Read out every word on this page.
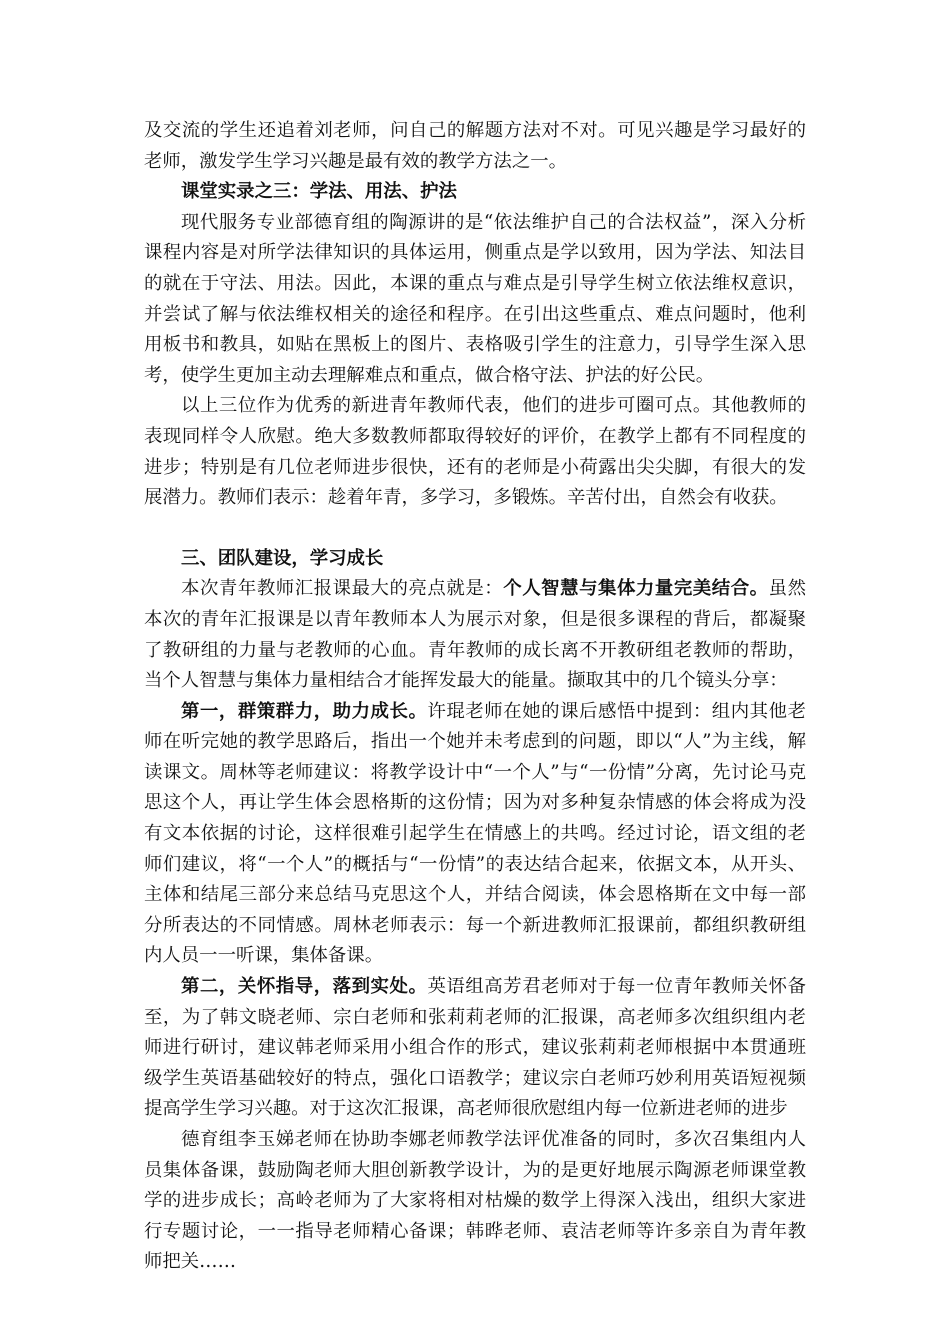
及交流的学生还追着刘老师，问自己的解题方法对不对。可见兴趣是学习最好的老师，激发学生学习兴趣是最有效的教学方法之一。

课堂实录之三：学法、用法、护法

现代服务专业部德育组的陶源讲的是“依法维护自己的合法权益”，深入分析课程内容是对所学法律知识的具体运用，侧重点是学以致用，因为学法、知法目的就在于守法、用法。因此，本课的重点与难点是引导学生树立依法维权意识，并尝试了解与依法维权相关的途径和程序。在引出这些重点、难点问题时，他利用板书和教具，如贴在黑板上的图片、表格吸引学生的注意力，引导学生深入思考，使学生更加主动去理解难点和重点，做合格守法、护法的好公民。

以上三位作为优秀的新进青年教师代表，他们的进步可圈可点。其他教师的表现同样令人欣慰。绝大多数教师都取得较好的评价，在教学上都有不同程度的进步；特别是有几位老师进步很快，还有的老师是小荷露出尖尖脚，有很大的发展潜力。教师们表示：趁着年青，多学习，多锻炼。辛苦付出，自然会有收获。

三、团队建设，学习成长

本次青年教师汇报课最大的亮点就是：个人智慧与集体力量完美结合。虽然本次的青年汇报课是以青年教师本人为展示对象，但是很多课程的背后，都凝聚了教研组的力量与老教师的心血。青年教师的成长离不开教研组老教师的帮助，当个人智慧与集体力量相结合才能挥发最大的能量。撷取其中的几个镜头分享：

第一，群策群力，助力成长。许琨老师在她的课后感悟中提到：组内其他老师在听完她的教学思路后，指出一个她并未考虑到的问题，即以“人”为主线，解读课文。周林等老师建议：将教学设计中“一个人”与“一份情”分离，先讨论马克思这个人，再让学生体会恩格斯的这份情；因为对多种复杂情感的体会将成为没有文本依据的讨论，这样很难引起学生在情感上的共鸣。经过讨论，语文组的老师们建议，将“一个人”的概括与“一份情”的表达结合起来，依据文本，从开头、主体和结尾三部分来总结马克思这个人，并结合阅读，体会恩格斯在文中每一部分所表达的不同情感。周林老师表示：每一个新进教师汇报课前，都组织教研组内人员一一听课，集体备课。

第二，关怀指导，落到实处。英语组高芳君老师对于每一位青年教师关怀备至，为了韩文晓老师、宗白老师和张莉莉老师的汇报课，高老师多次组织组内老师进行研讨，建议韩老师采用小组合作的形式，建议张莉莉老师根据中本贯通班级学生英语基础较好的特点，强化口语教学；建议宗白老师巧妙利用英语短视频提高学生学习兴趣。对于这次汇报课，高老师很欣慰组内每一位新进老师的进步

德育组李玉娣老师在协助李娜老师教学法评优准备的同时，多次召集组内人员集体备课，鼓励陶老师大胆创新教学设计，为的是更好地展示陶源老师课堂教学的进步成长；高岭老师为了大家将相对枯燥的数学上得深入浅出，组织大家进行专题讨论，一一指导老师精心备课；韩晔老师、袁洁老师等许多亲自为青年教师把关……
